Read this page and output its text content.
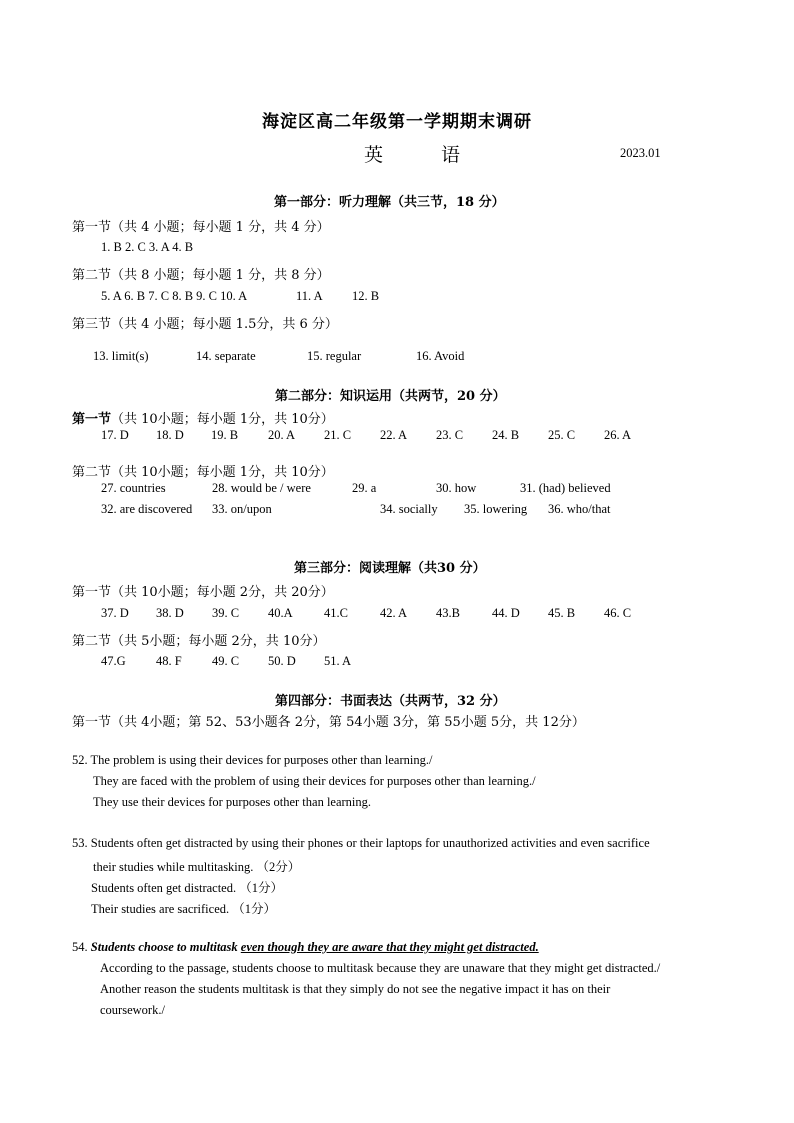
海淀区高二年级第一学期期末调研
英 语	2023.01
第一部分：听力理解（共三节，18 分）
第一节（共 4 小题；每小题 1 分，共 4 分）
1. B 2. C 3. A 4. B
第二节（共 8 小题；每小题 1 分，共 8 分）
5. A 6. B 7. C 8. B 9. C 10. A	11. A 12. B
第三节（共 4 小题；每小题 1.5分，共 6 分）
13. limit(s)	14. separate	15. regular	16. Avoid
第二部分：知识运用（共两节，20 分）
第一节（共 10小题；每小题 1分，共 10分）
17. D 18. D 19. B 20. A 21. C 22. A 23. C 24. B 25. C 26. A
第二节（共 10小题；每小题 1分，共 10分）
27. countries	28. would be / were	29. a	30. how	31. (had) believed
32. are discovered 33. on/upon	34. socially 35. lowering 36. who/that
第三部分：阅读理解（共30 分）
第一节（共 10小题；每小题 2分，共 20分）
37. D 38. D 39. C 40.A	41.C	42. A 43.B	44. D 45. B 46. C
第二节（共 5小题；每小题 2分，共 10分）
47.G 48. F 49. C 50. D 51. A
第四部分：书面表达（共两节，32 分）
第一节（共 4小题；第 52、53小题各 2分，第 54小题 3分，第 55小题 5分，共 12分）
52. The problem is using their devices for purposes other than learning./
They are faced with the problem of using their devices for purposes other than learning./
They use their devices for purposes other than learning.
53. Students often get distracted by using their phones or their laptops for unauthorized activities and even sacrifice
their studies while multitasking. （2分）
Students often get distracted. （1分）
Their studies are sacrificed. （1分）
54. Students choose to multitask even though they are aware that they might get distracted.
According to the passage, students choose to multitask because they are unaware that they might get distracted./
Another reason the students multitask is that they simply do not see the negative impact it has on their
coursework./
